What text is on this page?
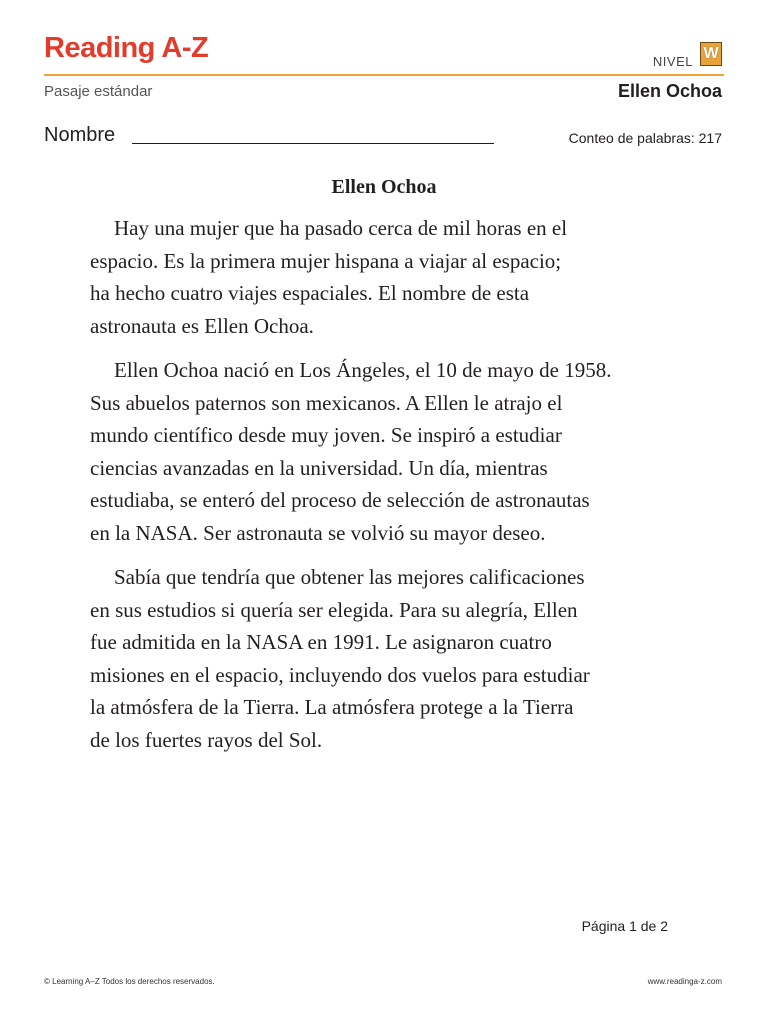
Reading A-Z	NIVEL W
Pasaje estándar	Ellen Ochoa
Nombre	Conteo de palabras: 217
Ellen Ochoa

Hay una mujer que ha pasado cerca de mil horas en el
espacio. Es la primera mujer hispana a viajar al espacio;
ha hecho cuatro viajes espaciales. El nombre de esta
astronauta es Ellen Ochoa.

Ellen Ochoa nació en Los Ángeles, el 10 de mayo de 1958.
Sus abuelos paternos son mexicanos. A Ellen le atrajo el
mundo científico desde muy joven. Se inspiró a estudiar
ciencias avanzadas en la universidad. Un día, mientras
estudiaba, se enteró del proceso de selección de astronautas
en la NASA. Ser astronauta se volvió su mayor deseo.

Sabía que tendría que obtener las mejores calificaciones
en sus estudios si quería ser elegida. Para su alegría, Ellen
fue admitida en la NASA en 1991. Le asignaron cuatro
misiones en el espacio, incluyendo dos vuelos para estudiar
la atmósfera de la Tierra. La atmósfera protege a la Tierra
de los fuertes rayos del Sol.

Página 1 de 2
© Learning A–Z Todos los derechos reservados.	www.readinga-z.com
